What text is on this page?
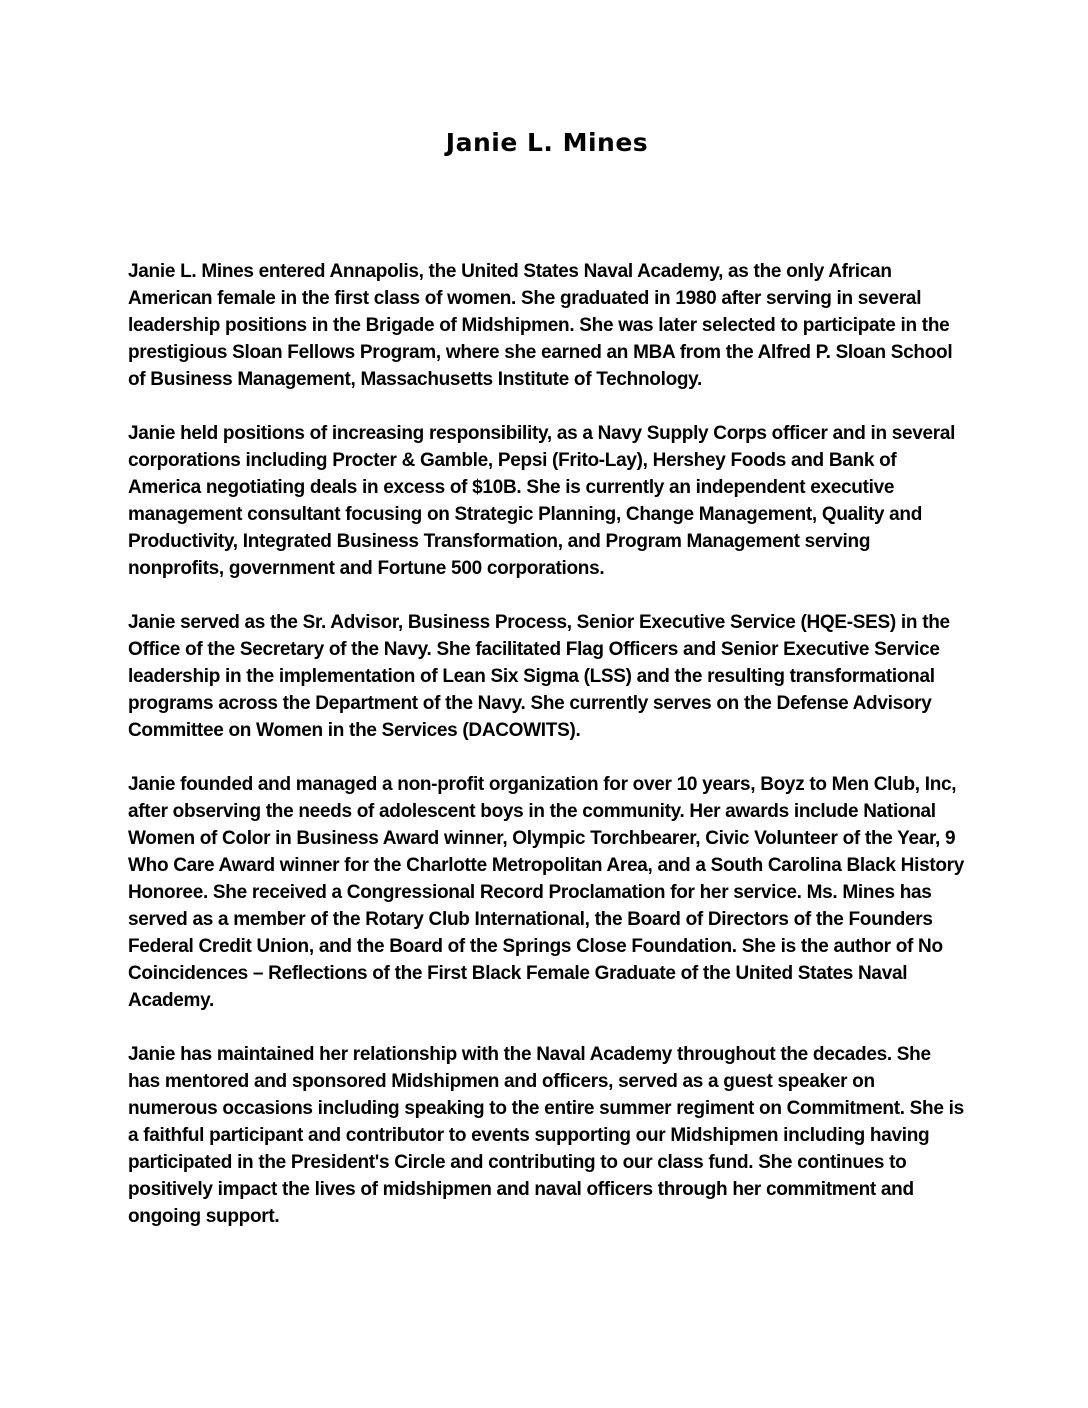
Janie L. Mines

Janie L. Mines entered Annapolis, the United States Naval Academy, as the only African American female in the first class of women. She graduated in 1980 after serving in several leadership positions in the Brigade of Midshipmen. She was later selected to participate in the prestigious Sloan Fellows Program, where she earned an MBA from the Alfred P. Sloan School of Business Management, Massachusetts Institute of Technology.

Janie held positions of increasing responsibility, as a Navy Supply Corps officer and in several corporations including Procter & Gamble, Pepsi (Frito-Lay), Hershey Foods and Bank of America negotiating deals in excess of $10B. She is currently an independent executive management consultant focusing on Strategic Planning, Change Management, Quality and Productivity, Integrated Business Transformation, and Program Management serving nonprofits, government and Fortune 500 corporations.

Janie served as the Sr. Advisor, Business Process, Senior Executive Service (HQE-SES) in the Office of the Secretary of the Navy. She facilitated Flag Officers and Senior Executive Service leadership in the implementation of Lean Six Sigma (LSS) and the resulting transformational programs across the Department of the Navy. She currently serves on the Defense Advisory Committee on Women in the Services (DACOWITS).

Janie founded and managed a non-profit organization for over 10 years, Boyz to Men Club, Inc, after observing the needs of adolescent boys in the community. Her awards include National Women of Color in Business Award winner, Olympic Torchbearer, Civic Volunteer of the Year, 9 Who Care Award winner for the Charlotte Metropolitan Area, and a South Carolina Black History Honoree. She received a Congressional Record Proclamation for her service. Ms. Mines has served as a member of the Rotary Club International, the Board of Directors of the Founders Federal Credit Union, and the Board of the Springs Close Foundation. She is the author of No Coincidences – Reflections of the First Black Female Graduate of the United States Naval Academy.

Janie has maintained her relationship with the Naval Academy throughout the decades. She has mentored and sponsored Midshipmen and officers, served as a guest speaker on numerous occasions including speaking to the entire summer regiment on Commitment. She is a faithful participant and contributor to events supporting our Midshipmen including having participated in the President's Circle and contributing to our class fund. She continues to positively impact the lives of midshipmen and naval officers through her commitment and ongoing support.
